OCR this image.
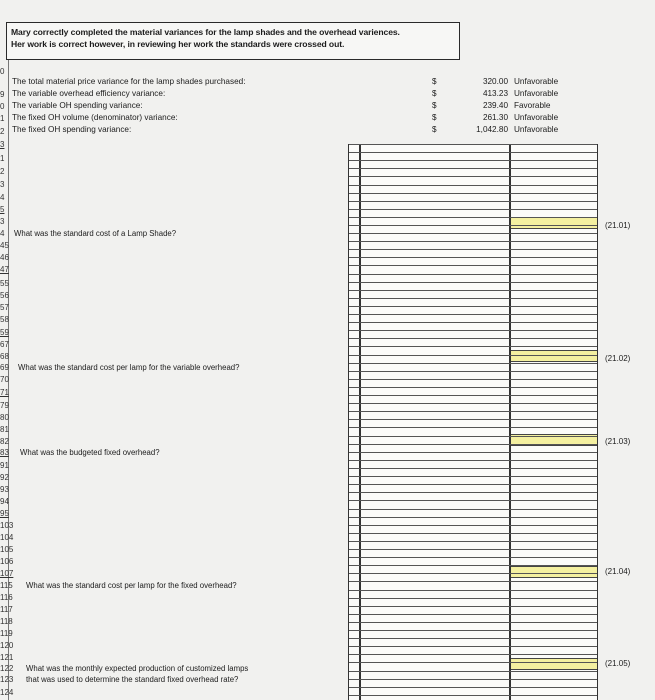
Mary correctly completed the material variances for the lamp shades and the overhead variences.
Her work is correct however, in reviewing her work the standards were crossed out.
0
9
0
1
2
3
1
2
3
4
5
3
4
45
46
47
55
56
57
58
59
67
68
69
70
71
79
80
81
82
83
91
92
93
94
95
103
104
105
106
107
115
116
117
118
119
120
121
122
123
124
The total material price variance for the lamp shades purchased:	$	320.00 Unfavorable
The variable overhead efficiency variance:	$	413.23 Unfavorable
The variable OH spending variance:	$	239.40 Favorable
The fixed OH volume (denominator) variance:	$	261.30 Unfavorable
The fixed OH spending variance:	$	1,042.80 Unfavorable
What was the standard cost of a Lamp Shade?
What was the standard cost per lamp for the variable overhead?
What was the budgeted fixed overhead?
What was the standard cost per lamp for the fixed overhead?
What was the monthly expected production of customized lamps
that was used to determine the standard fixed overhead rate?
(21.01)
(21.02)
(21.03)
(21.04)
(21.05)
